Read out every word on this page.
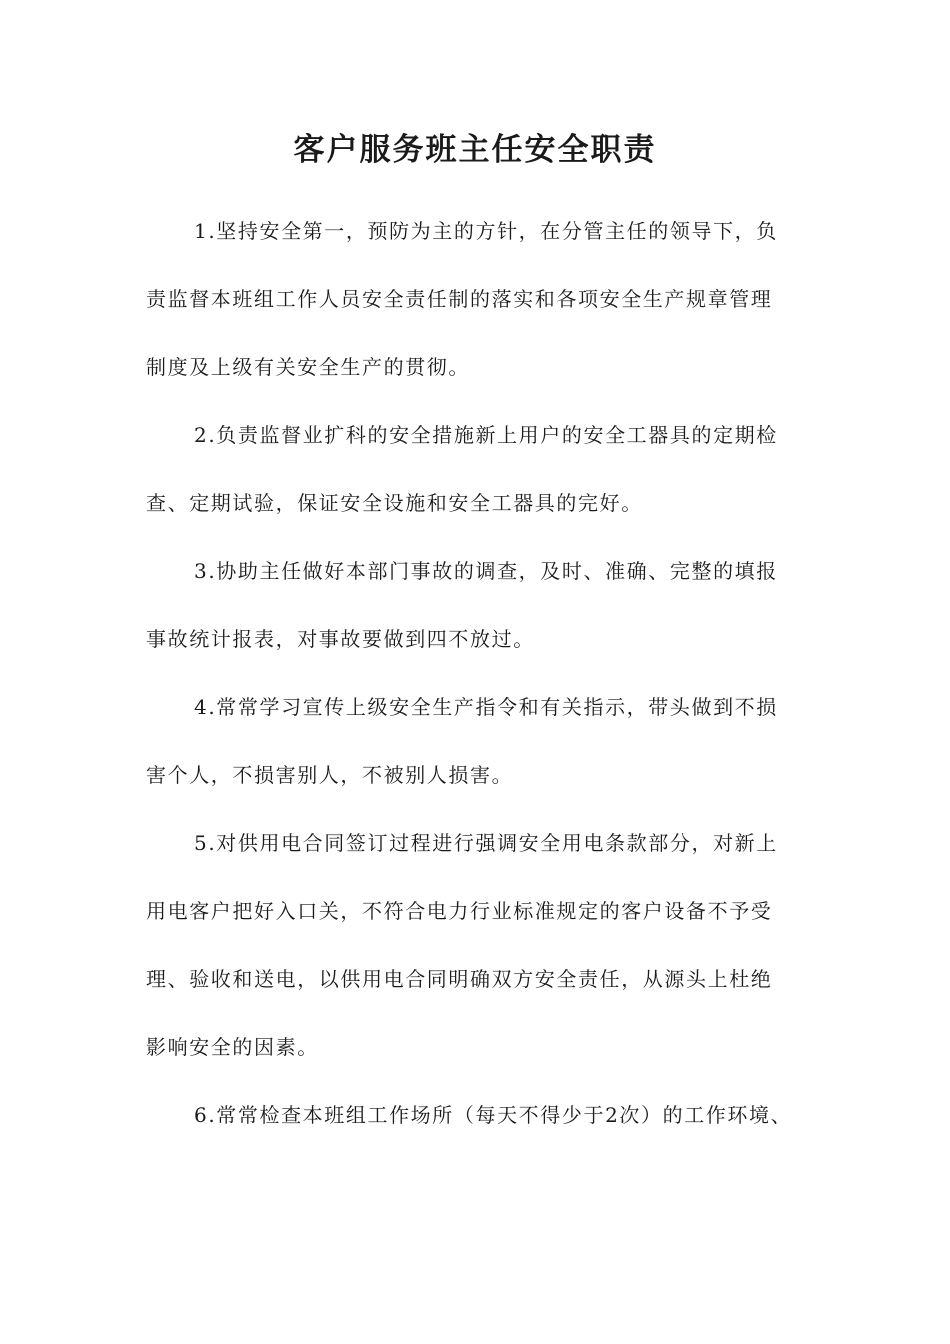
客户服务班主任安全职责
1.坚持安全第一，预防为主的方针，在分管主任的领导下，负
责监督本班组工作人员安全责任制的落实和各项安全生产规章管理
制度及上级有关安全生产的贯彻。
2.负责监督业扩科的安全措施新上用户的安全工器具的定期检
查、定期试验，保证安全设施和安全工器具的完好。
3.协助主任做好本部门事故的调查，及时、准确、完整的填报
事故统计报表，对事故要做到四不放过。
4.常常学习宣传上级安全生产指令和有关指示，带头做到不损
害个人，不损害别人，不被别人损害。
5.对供用电合同签订过程进行强调安全用电条款部分，对新上
用电客户把好入口关，不符合电力行业标准规定的客户设备不予受
理、验收和送电，以供用电合同明确双方安全责任，从源头上杜绝
影响安全的因素。
6.常常检查本班组工作场所（每天不得少于2次）的工作环境、
